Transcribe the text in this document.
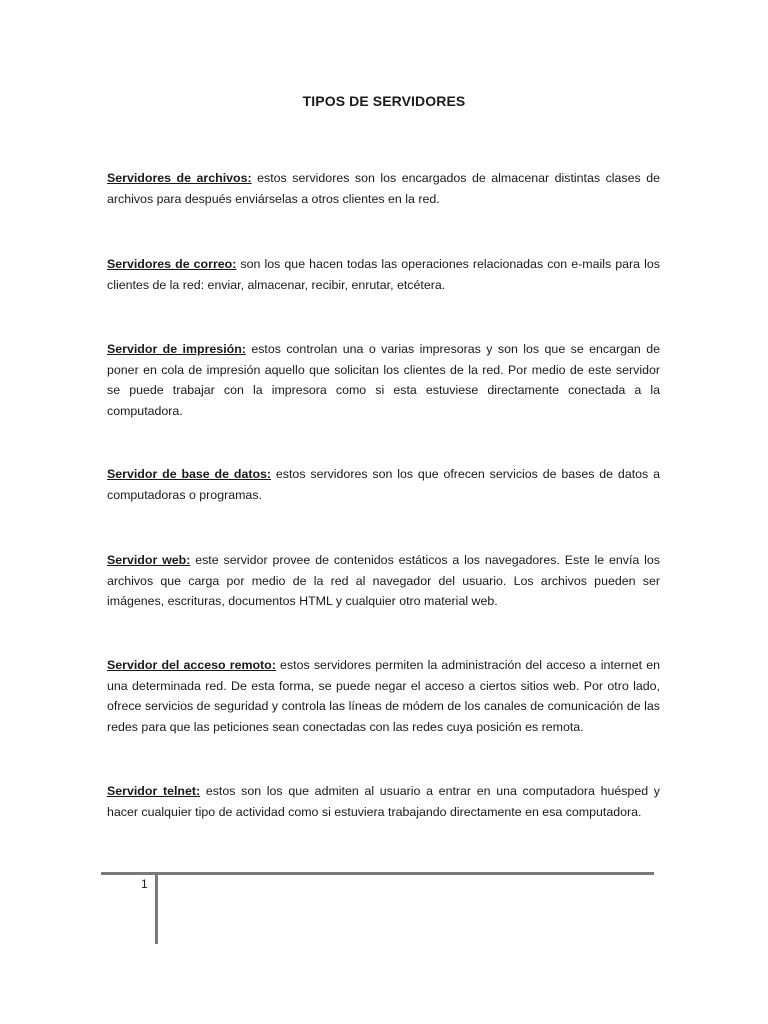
TIPOS DE SERVIDORES

Servidores de archivos: estos servidores son los encargados de almacenar distintas clases de archivos para después enviárselas a otros clientes en la red.

Servidores de correo: son los que hacen todas las operaciones relacionadas con e-mails para los clientes de la red: enviar, almacenar, recibir, enrutar, etcétera.

Servidor de impresión: estos controlan una o varias impresoras y son los que se encargan de poner en cola de impresión aquello que solicitan los clientes de la red. Por medio de este servidor se puede trabajar con la impresora como si esta estuviese directamente conectada a la computadora.

Servidor de base de datos: estos servidores son los que ofrecen servicios de bases de datos a computadoras o programas.

Servidor web: este servidor provee de contenidos estáticos a los navegadores. Este le envía los archivos que carga por medio de la red al navegador del usuario. Los archivos pueden ser imágenes, escrituras, documentos HTML y cualquier otro material web.

Servidor del acceso remoto: estos servidores permiten la administración del acceso a internet en una determinada red. De esta forma, se puede negar el acceso a ciertos sitios web. Por otro lado, ofrece servicios de seguridad y controla las líneas de módem de los canales de comunicación de las redes para que las peticiones sean conectadas con las redes cuya posición es remota.

Servidor telnet: estos son los que admiten al usuario a entrar en una computadora huésped y hacer cualquier tipo de actividad como si estuviera trabajando directamente en esa computadora.

1
